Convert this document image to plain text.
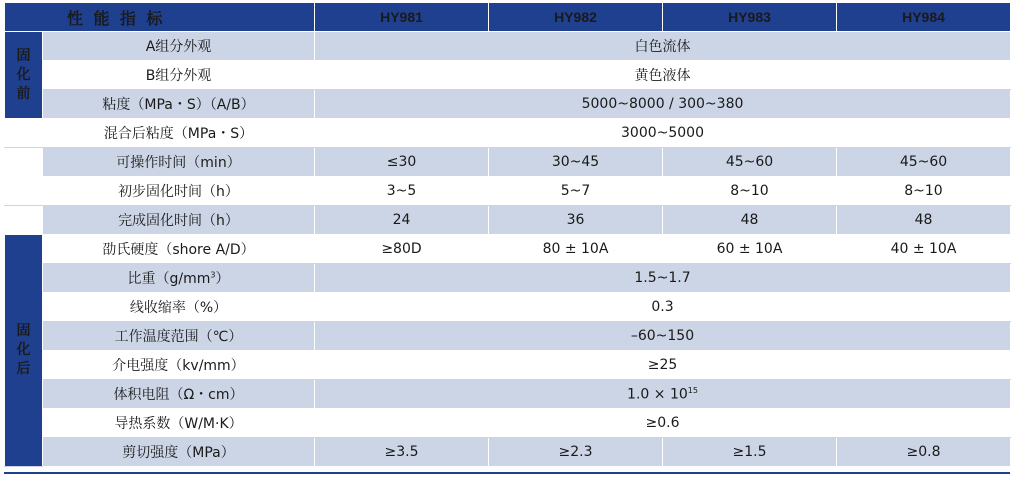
性 能 指 标		HY981	HY982	HY983	HY984

固
化
前	A组分外观	白色流体			
	B组分外观	黄色液体			
	粘度（MPa・S）（A/B）	5000~8000 / 300~380			
	混合后粘度（MPa・S）	3000~5000			
	可操作时间（min）	≤30	30~45	45~60	45~60
	初步固化时间（h）	3~5	5~7	8~10	8~10
	完成固化时间（h）	24	36	48	48

固
化
后	劭氏硬度（shore A/D）	≥80D	80 ± 10A	60 ± 10A	40 ± 10A
	比重$(g/mm^3)$	1.5~1.7			
	线收缩率（%）	0.3			
	工作温度范围（℃）	–60~150			
	介电强度（kv/mm）	≥25			
	体积电阻（Ω・cm）	$1.0 \times 10^{15}$
	导热系数（W/M·K）	≥0.6			
	剪切强度（MPa）	≥3.5	≥2.3	≥1.5	≥0.8
